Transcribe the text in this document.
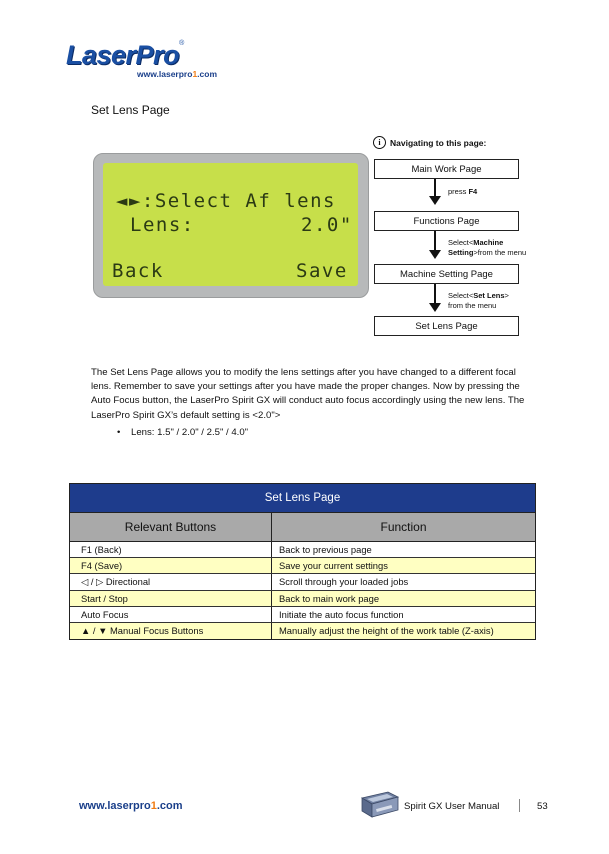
LaserPro®
www.laserpro1.com
Set Lens Page
◄►:Select Af lens
Lens:	2.0"
Back	Save
i	Navigating to this page:
Main Work Page
press F4
Functions Page
Select<Machine Setting>from the menu
Machine Setting Page
Select<Set Lens>
from the menu
Set Lens Page
The Set Lens Page allows you to modify the lens settings after you have changed to a different focal lens. Remember to save your settings after you have made the proper changes. Now by pressing the Auto Focus button, the LaserPro Spirit GX will conduct auto focus accordingly using the new lens. The LaserPro Spirit GX’s default setting is <2.0">
• Lens: 1.5" / 2.0" / 2.5" / 4.0"
Set Lens Page
Relevant Buttons	Function
F1 (Back)	Back to previous page
F4 (Save)	Save your current settings
◁ / ▷ Directional	Scroll through your loaded jobs
Start / Stop	Back to main work page
Auto Focus	Initiate the auto focus function
▲ / ▼ Manual Focus Buttons	Manually adjust the height of the work table (Z-axis)
www.laserpro1.com	Spirit GX User Manual	53
